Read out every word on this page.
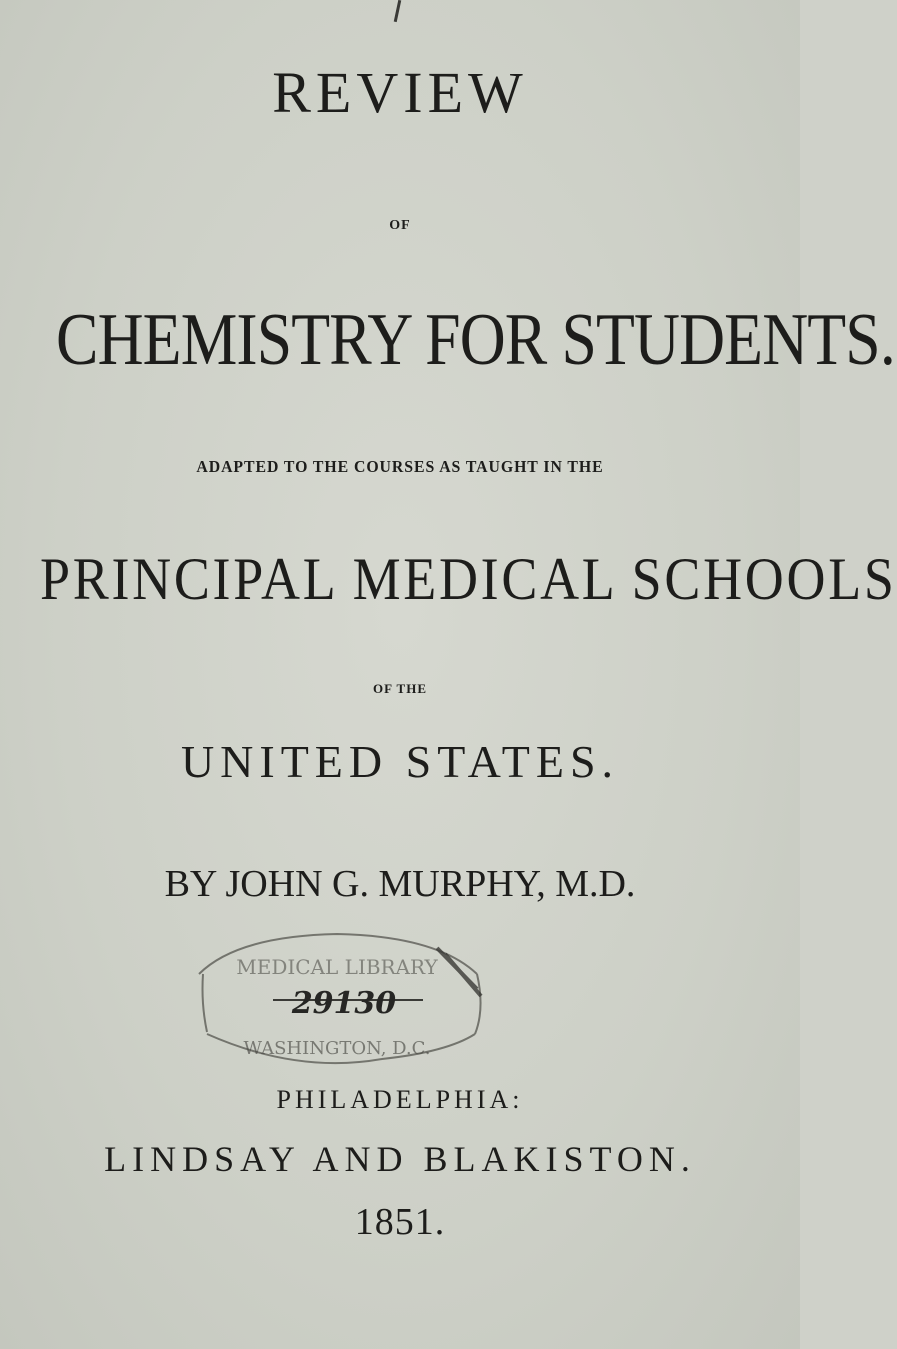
REVIEW
OF
CHEMISTRY FOR STUDENTS.
ADAPTED TO THE COURSES AS TAUGHT IN THE
PRINCIPAL MEDICAL SCHOOLS
OF THE
UNITED STATES.
BY JOHN G. MURPHY, M.D.
MEDICAL LIBRARY
WASHINGTON, D.C.
29130
PHILADELPHIA:
LINDSAY AND BLAKISTON.
1851.
